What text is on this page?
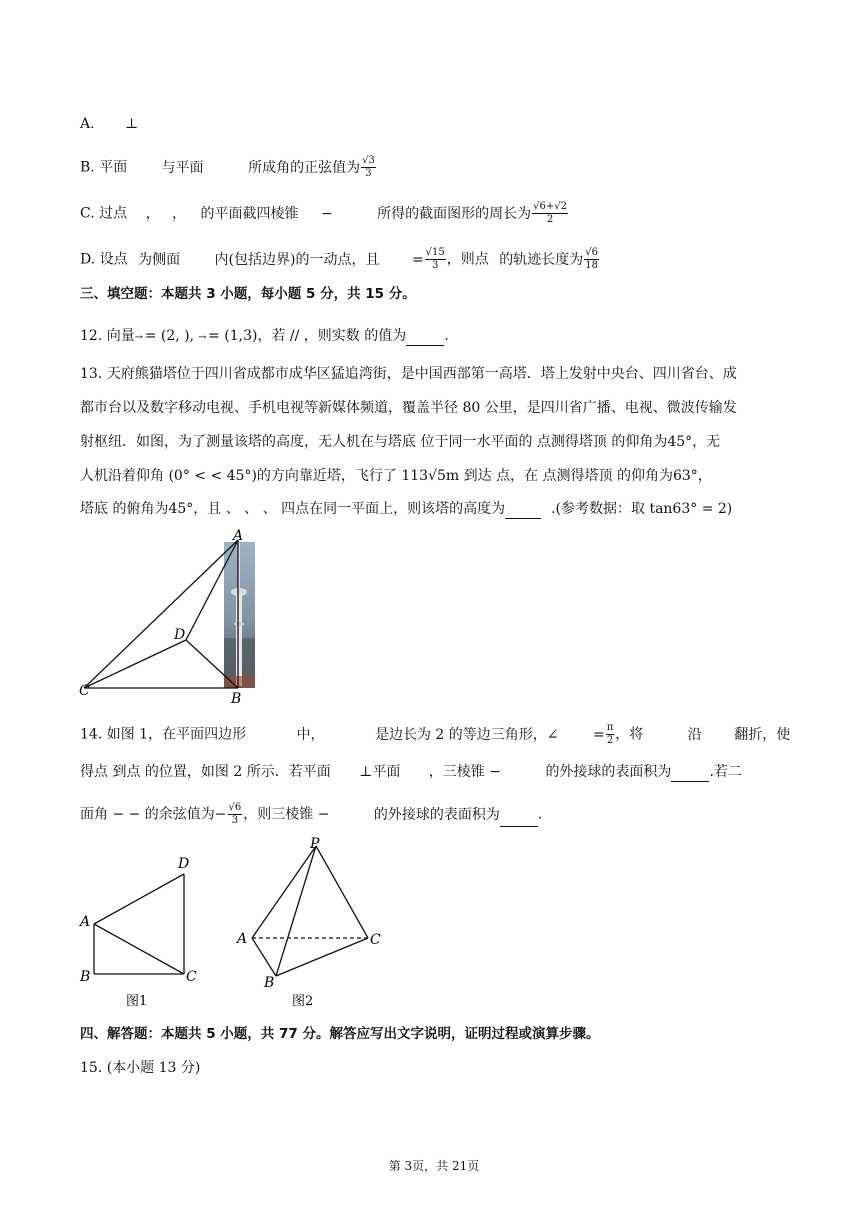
A. ⊥
B. 平面 与平面	所成角的正弦值为 $\frac{√3}{3}$
C. 过点 ， ， 的平面截四棱锥 −	所得的截面图形的周长为 $\frac{√6+√2}{2}$
D. 设点 为侧面 内(包括边界)的一动点，且 = $\frac{√15}{3}$ ，则点 的轨迹长度为 $\frac{√6}{18}$
三、填空题：本题共 3 小题，每小题 5 分，共 15 分。
12. 向量 = (2, ), = (1,3)，若 // ，则实数 的值为	.
13. 天府熊猫塔位于四川省成都市成华区猛追湾街，是中国西部第一高塔．塔上发射中央台、四川省台、成
都市台以及数字移动电视、手机电视等新媒体频道，覆盖半径 80 公里，是四川省广播、电视、微波传输发
射枢纽．如图，为了测量该塔的高度，无人机在与塔底 位于同一水平面的 点测得塔顶 的仰角为45°，无
人机沿着仰角 (0° < < 45°)的方向靠近塔，飞行了 113√5m 到达 点，在 点测得塔顶 的仰角为63°，
塔底 的俯角为45°，且 、 、 、 四点在同一平面上，则该塔的高度为	.(参考数据：取 tan63° = 2)
A
D
C	B
14. 如图 1，在平面四边形	中，	是边长为 2 的等边三角形，∠ = $\frac{\pi}{2}$ ，将	沿 翻折，使
得点 到点 的位置，如图 2 所示．若平面 ⊥平面 ，三棱锥 −	的外接球的表面积为	.若二
面角 − − 的余弦值为− $\frac{√6}{3}$ ，则三棱锥 −	的外接球的表面积为	.
D
A
B	C
图1
P
A	C
B
图2
四、解答题：本题共 5 小题，共 77 分。解答应写出文字说明，证明过程或演算步骤。
15. (本小题 13 分)
第 3页，共 21页
